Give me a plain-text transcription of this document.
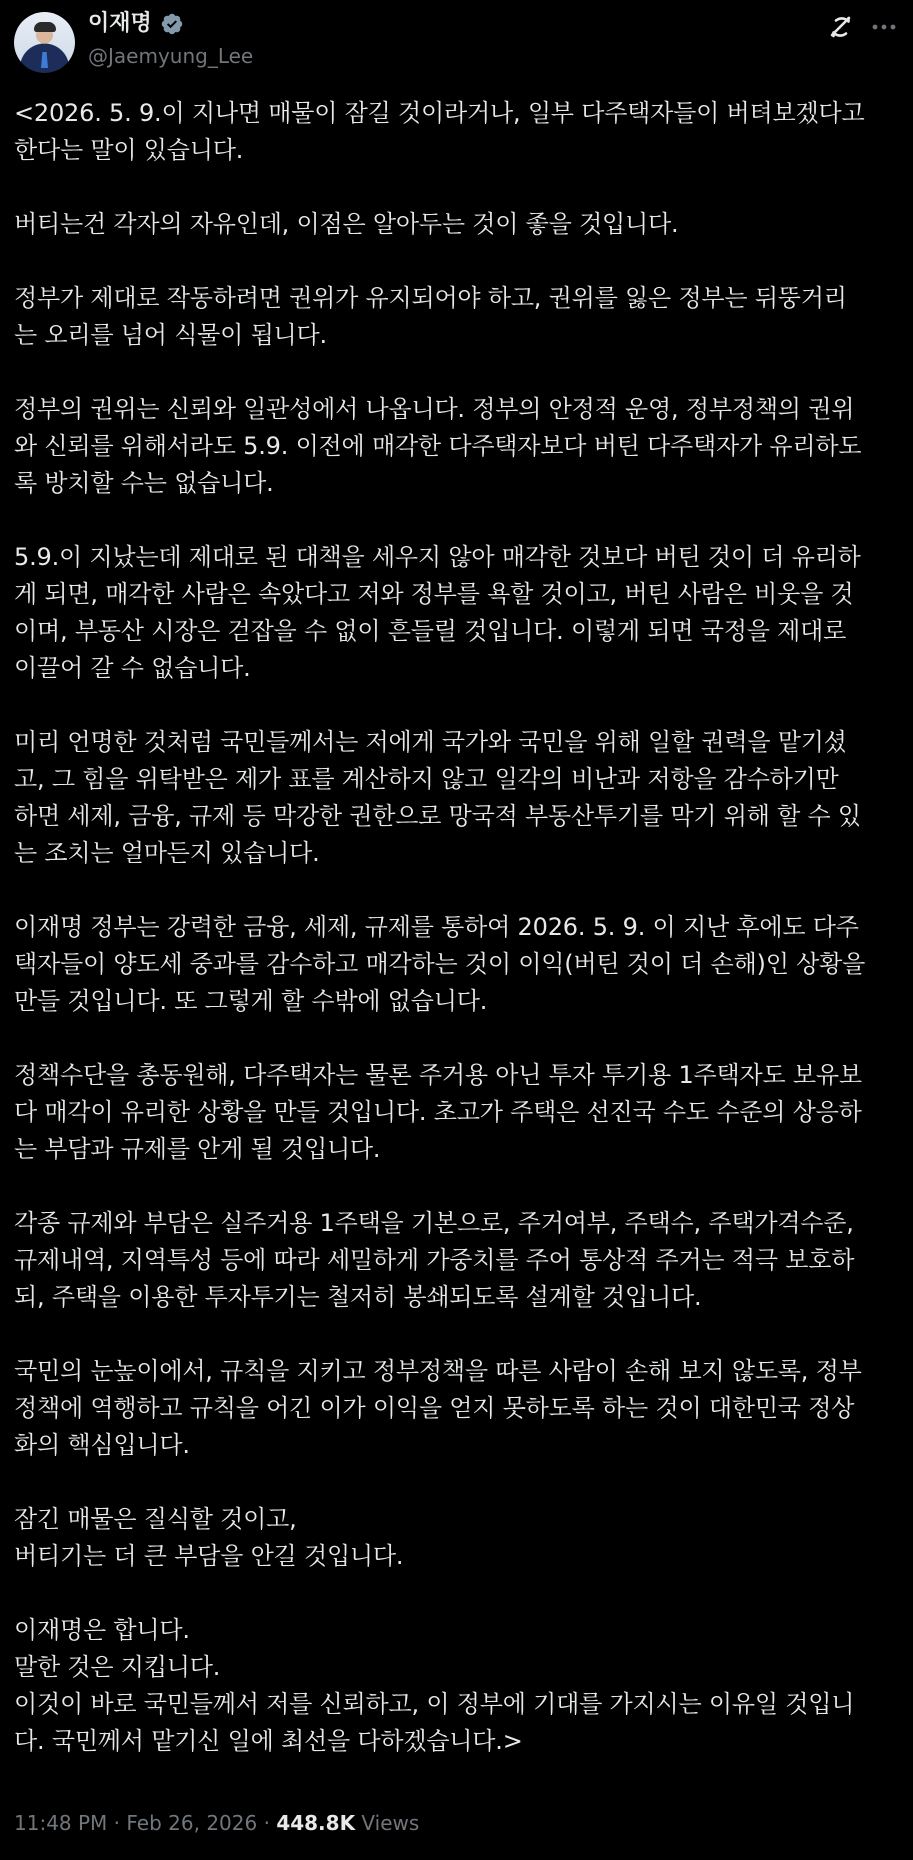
이재명
@Jaemyung_Lee

<2026. 5. 9.이 지나면 매물이 잠길 것이라거나, 일부 다주택자들이 버텨보겠다고
한다는 말이 있습니다.

버티는건 각자의 자유인데, 이점은 알아두는 것이 좋을 것입니다.

정부가 제대로 작동하려면 권위가 유지되어야 하고, 권위를 잃은 정부는 뒤뚱거리
는 오리를 넘어 식물이 됩니다.

정부의 권위는 신뢰와 일관성에서 나옵니다. 정부의 안정적 운영, 정부정책의 권위
와 신뢰를 위해서라도 5.9. 이전에 매각한 다주택자보다 버틴 다주택자가 유리하도
록 방치할 수는 없습니다.

5.9.이 지났는데 제대로 된 대책을 세우지 않아 매각한 것보다 버틴 것이 더 유리하
게 되면, 매각한 사람은 속았다고 저와 정부를 욕할 것이고, 버틴 사람은 비웃을 것
이며, 부동산 시장은 걷잡을 수 없이 흔들릴 것입니다. 이렇게 되면 국정을 제대로
이끌어 갈 수 없습니다.

미리 언명한 것처럼 국민들께서는 저에게 국가와 국민을 위해 일할 권력을 맡기셨
고, 그 힘을 위탁받은 제가 표를 계산하지 않고 일각의 비난과 저항을 감수하기만
하면 세제, 금융, 규제 등 막강한 권한으로 망국적 부동산투기를 막기 위해 할 수 있
는 조치는 얼마든지 있습니다.

이재명 정부는 강력한 금융, 세제, 규제를 통하여 2026. 5. 9. 이 지난 후에도 다주
택자들이 양도세 중과를 감수하고 매각하는 것이 이익(버틴 것이 더 손해)인 상황을
만들 것입니다. 또 그렇게 할 수밖에 없습니다.

정책수단을 총동원해, 다주택자는 물론 주거용 아닌 투자 투기용 1주택자도 보유보
다 매각이 유리한 상황을 만들 것입니다. 초고가 주택은 선진국 수도 수준의 상응하
는 부담과 규제를 안게 될 것입니다.

각종 규제와 부담은 실주거용 1주택을 기본으로, 주거여부, 주택수, 주택가격수준,
규제내역, 지역특성 등에 따라 세밀하게 가중치를 주어 통상적 주거는 적극 보호하
되, 주택을 이용한 투자투기는 철저히 봉쇄되도록 설계할 것입니다.

국민의 눈높이에서, 규칙을 지키고 정부정책을 따른 사람이 손해 보지 않도록, 정부
정책에 역행하고 규칙을 어긴 이가 이익을 얻지 못하도록 하는 것이 대한민국 정상
화의 핵심입니다.

잠긴 매물은 질식할 것이고,
버티기는 더 큰 부담을 안길 것입니다.

이재명은 합니다.
말한 것은 지킵니다.
이것이 바로 국민들께서 저를 신뢰하고, 이 정부에 기대를 가지시는 이유일 것입니
다. 국민께서 맡기신 일에 최선을 다하겠습니다.>

11:48 PM · Feb 26, 2026 · 448.8K Views
